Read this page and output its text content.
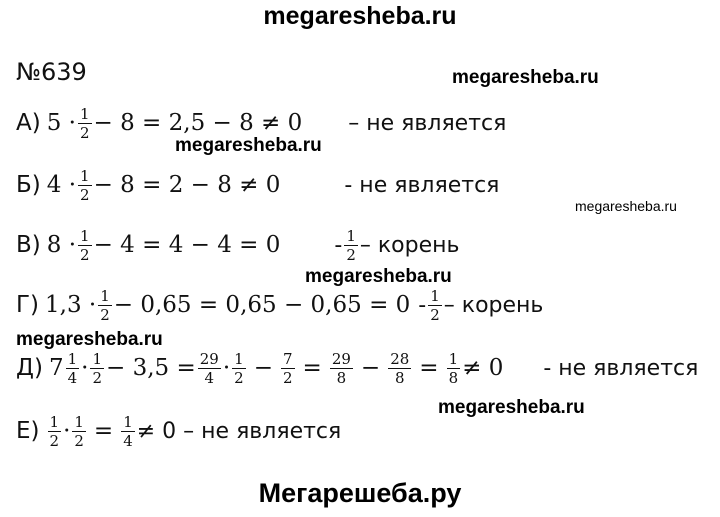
megaresheba.ru
megaresheba.ru
megaresheba.ru
megaresheba.ru
megaresheba.ru
megaresheba.ru
megaresheba.ru
№639
А) $5 \cdot \frac{1}{2} - 8 = 2,5 - 8 \ne 0$ – не является
Б) $4 \cdot \frac{1}{2} - 8 = 2 - 8 \ne 0$	- не является
В) $8 \cdot \frac{1}{2} - 4 = 4 - 4 = 0 - \frac{1}{2}$ – корень
Г) $1,3 \cdot \frac{1}{2} - 0,65 = 0,65 - 0,65 = 0 - \frac{1}{2}$ – корень
Д) $7 \frac{1}{4} \cdot \frac{1}{2} - 3,5 = \frac{29}{4} \cdot \frac{1}{2} - \frac{7}{2} = \frac{29}{8} - \frac{28}{8} = \frac{1}{8} \ne 0$ - не является
$Е) \frac{1}{2} \cdot \frac{1}{2} = \frac{1}{4} \ne 0$ – не является
Мегарешеба.ру
